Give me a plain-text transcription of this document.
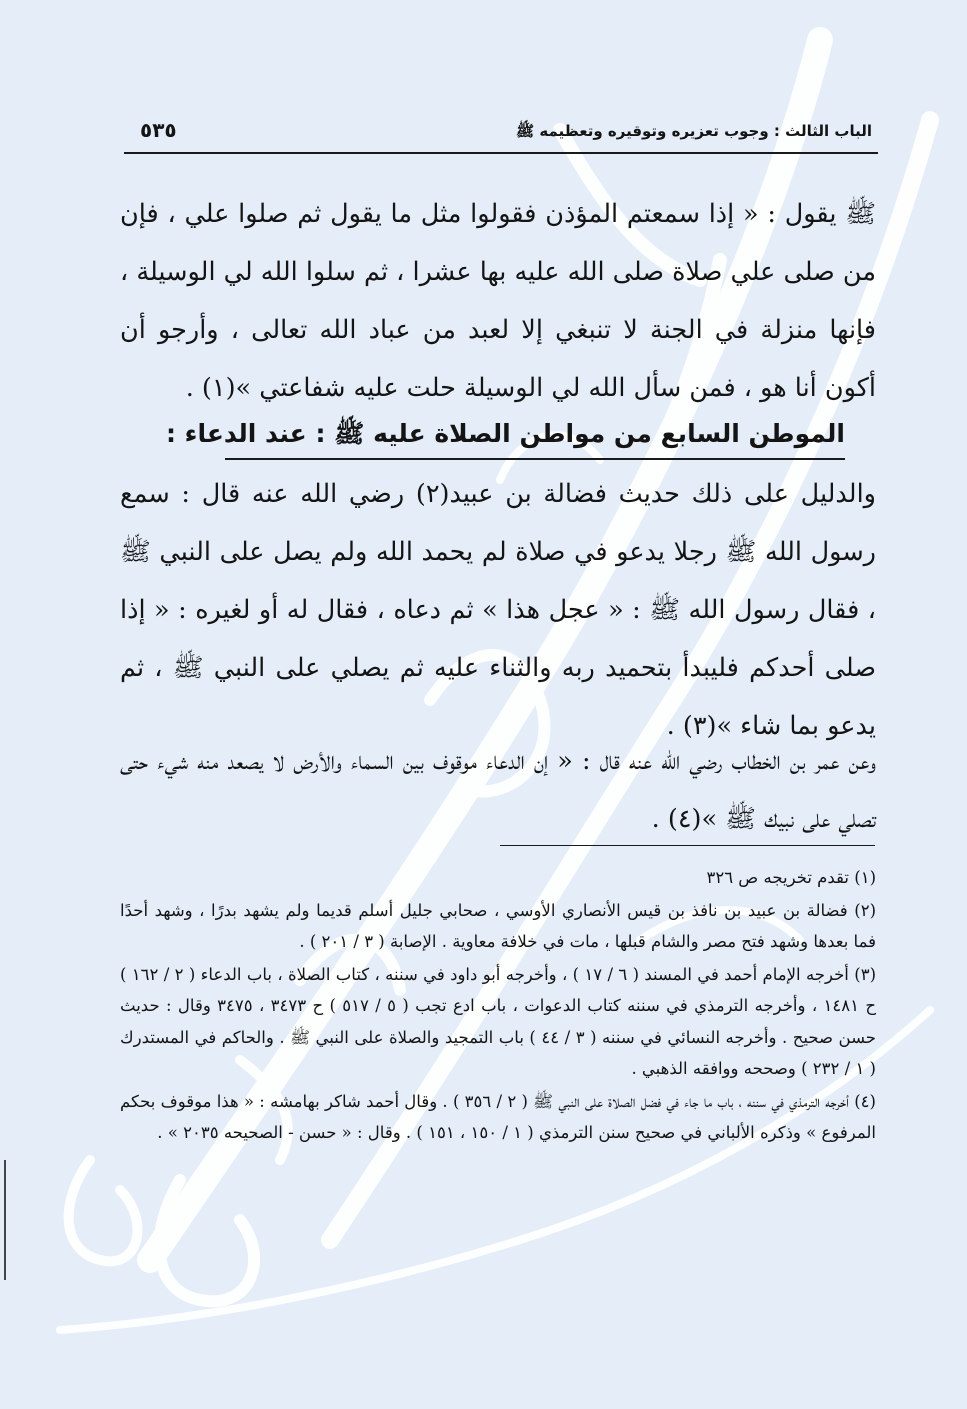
الباب الثالث : وجوب تعزيره وتوقيره وتعظيمه ﷺ
٥٣٥

ﷺ يقول : « إذا سمعتم المؤذن فقولوا مثل ما يقول ثم صلوا علي ، فإن من صلى علي صلاة صلى الله عليه بها عشرا ، ثم سلوا الله لي الوسيلة ، فإنها منزلة في الجنة لا تنبغي إلا لعبد من عباد الله تعالى ، وأرجو أن أكون أنا هو ، فمن سأل الله لي الوسيلة حلت عليه شفاعتي »(١) .

الموطن السابع من مواطن الصلاة عليه ﷺ : عند الدعاء :

والدليل على ذلك حديث فضالة بن عبيد(٢) رضي الله عنه قال : سمع رسول الله ﷺ رجلا يدعو في صلاة لم يحمد الله ولم يصل على النبي ﷺ ، فقال رسول الله ﷺ : « عجل هذا » ثم دعاه ، فقال له أو لغيره : « إذا صلى أحدكم فليبدأ بتحميد ربه والثناء عليه ثم يصلي على النبي ﷺ ، ثم يدعو بما شاء »(٣) .

وعن عمر بن الخطاب رضي الله عنه قال : « إن الدعاء موقوف بين السماء والأرض لا يصعد منه شيء حتى تصلي على نبيك ﷺ »(٤) .

(١) تقدم تخريجه ص ٣٢٦

(٢) فضالة بن عبيد بن نافذ بن قيس الأنصاري الأوسي ، صحابي جليل أسلم قديما ولم يشهد بدرًا ، وشهد أحدًا فما بعدها وشهد فتح مصر والشام قبلها ، مات في خلافة معاوية . الإصابة ( ٣ / ٢٠١ ) .

(٣) أخرجه الإمام أحمد في المسند ( ٦ / ١٧ ) ، وأخرجه أبو داود في سننه ، كتاب الصلاة ، باب الدعاء ( ٢ / ١٦٢ ) ح ١٤٨١ ، وأخرجه الترمذي في سننه كتاب الدعوات ، باب ادع تجب ( ٥ / ٥١٧ ) ح ٣٤٧٣ ، ٣٤٧٥ وقال : حديث حسن صحيح . وأخرجه النسائي في سننه ( ٣ / ٤٤ ) باب التمجيد والصلاة على النبي ﷺ . والحاكم في المستدرك ( ١ / ٢٣٢ ) وصححه ووافقه الذهبي .

(٤) أخرجه الترمذي في سننه ، باب ما جاء في فضل الصلاة على النبي ﷺ ( ٢ / ٣٥٦ ) . وقال أحمد شاكر بهامشه : « هذا موقوف بحكم المرفوع » وذكره الألباني في صحيح سنن الترمذي ( ١ / ١٥٠ ، ١٥١ ) . وقال : « حسن - الصحيحه ٢٠٣٥ » .
